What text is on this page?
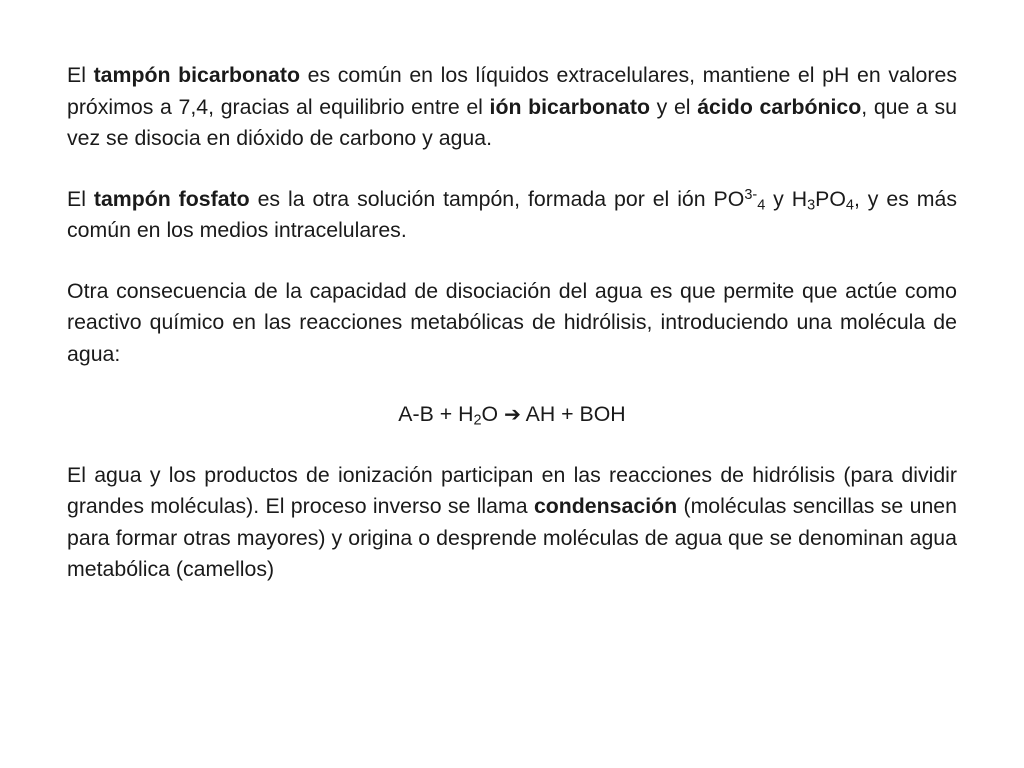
El tampón bicarbonato es común en los líquidos extracelulares, mantiene el pH en valores próximos a 7,4, gracias al equilibrio entre el ión bicarbonato y el ácido carbónico, que a su vez se disocia en dióxido de carbono y agua.

El tampón fosfato es la otra solución tampón, formada por el ión $PO^{3-}_4$ y $H_3PO_4$, y es más común en los medios intracelulares.

Otra consecuencia de la capacidad de disociación del agua es que permite que actúe como reactivo químico en las reacciones metabólicas de hidrólisis, introduciendo una molécula de agua:

$A-B + H_2O$ ➔ AH + BOH

El agua y los productos de ionización participan en las reacciones de hidrólisis (para dividir grandes moléculas). El proceso inverso se llama condensación (moléculas sencillas se unen para formar otras mayores) y origina o desprende moléculas de agua que se denominan agua metabólica (camellos)
